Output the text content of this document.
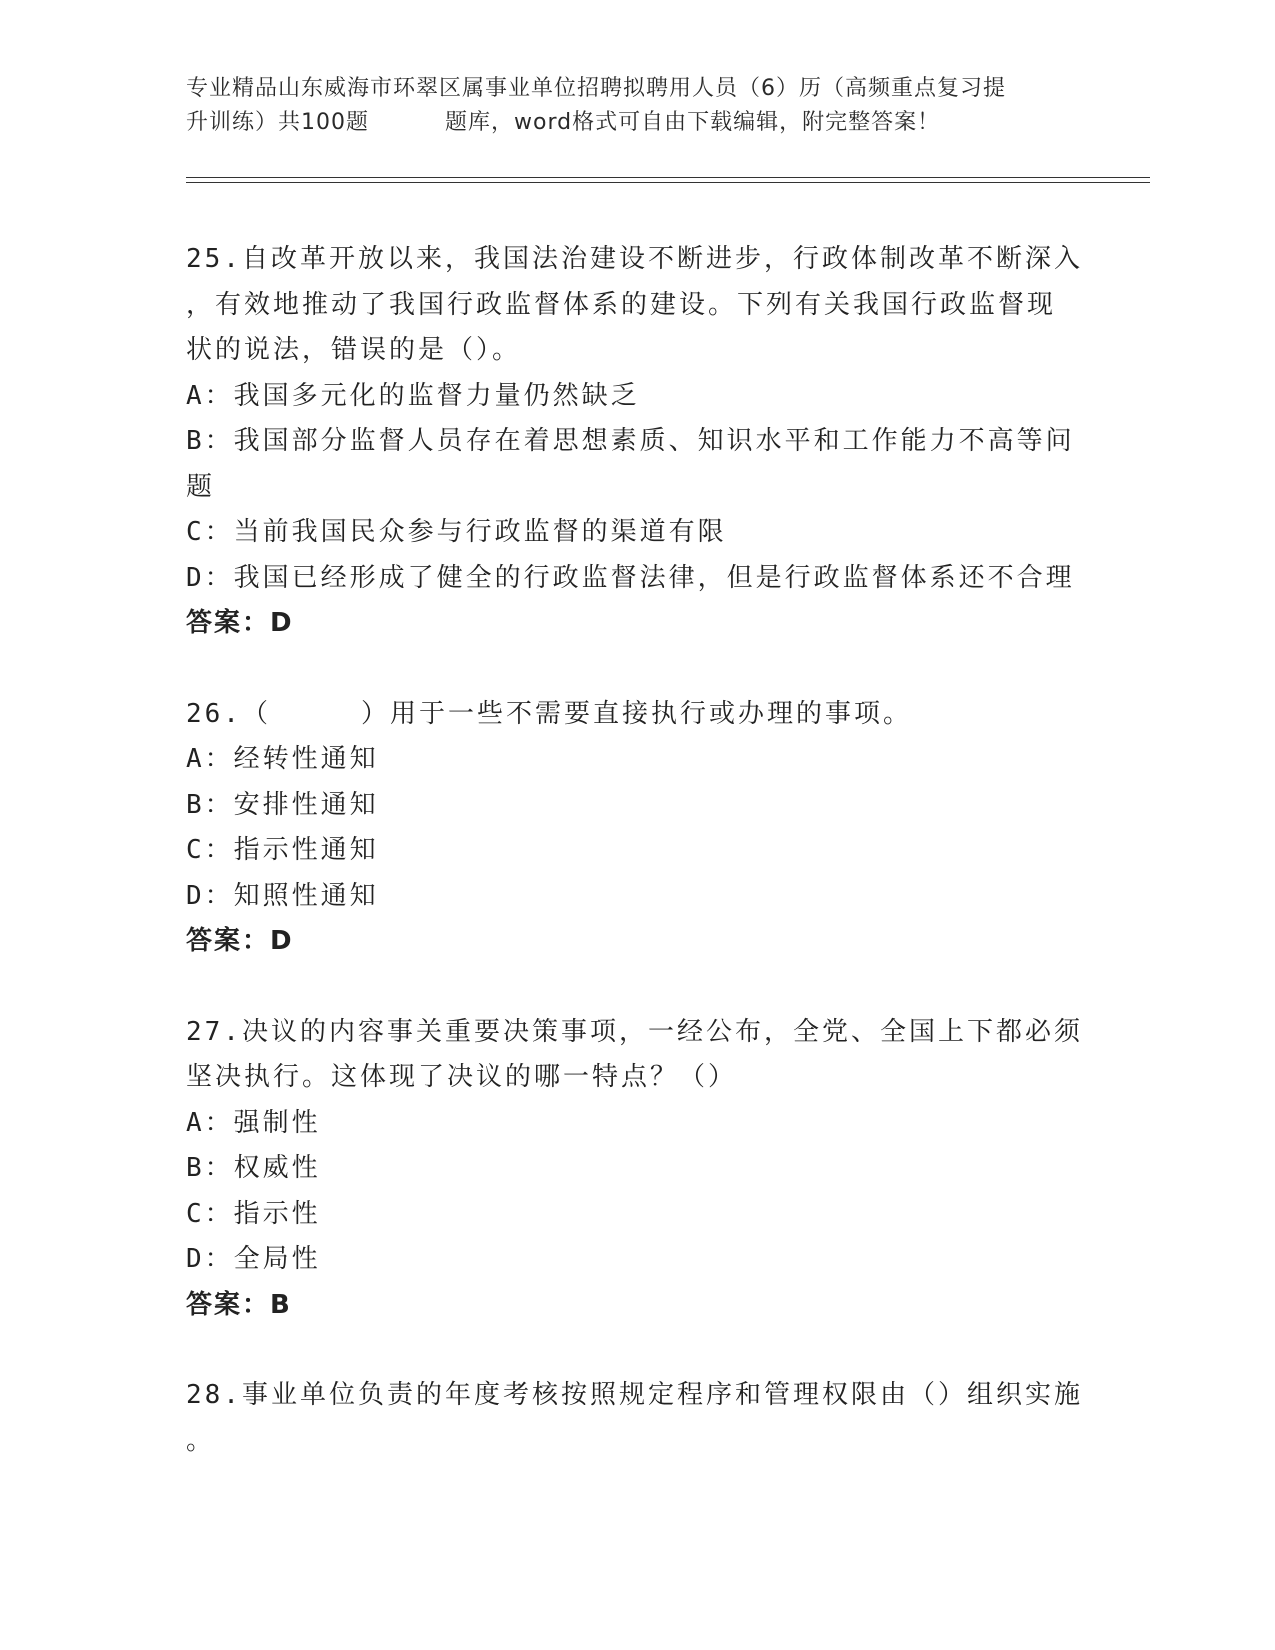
专业精品山东威海市环翠区属事业单位招聘拟聘用人员（6）历（高频重点复习提
升训练）共100题	题库，word格式可自由下载编辑，附完整答案！

25.自改革开放以来，我国法治建设不断进步，行政体制改革不断深入

，有效地推动了我国行政监督体系的建设。下列有关我国行政监督现

状的说法，错误的是（）。

A：我国多元化的监督力量仍然缺乏

B：我国部分监督人员存在着思想素质、知识水平和工作能力不高等问

题

C：当前我国民众参与行政监督的渠道有限

D：我国已经形成了健全的行政监督法律，但是行政监督体系还不合理

答案：D

26.（	）用于一些不需要直接执行或办理的事项。

A：经转性通知

B：安排性通知

C：指示性通知

D：知照性通知

答案：D

27.决议的内容事关重要决策事项，一经公布，全党、全国上下都必须

坚决执行。这体现了决议的哪一特点？（）

A：强制性

B：权威性

C：指示性

D：全局性

答案：B

28.事业单位负责的年度考核按照规定程序和管理权限由（）组织实施

。
